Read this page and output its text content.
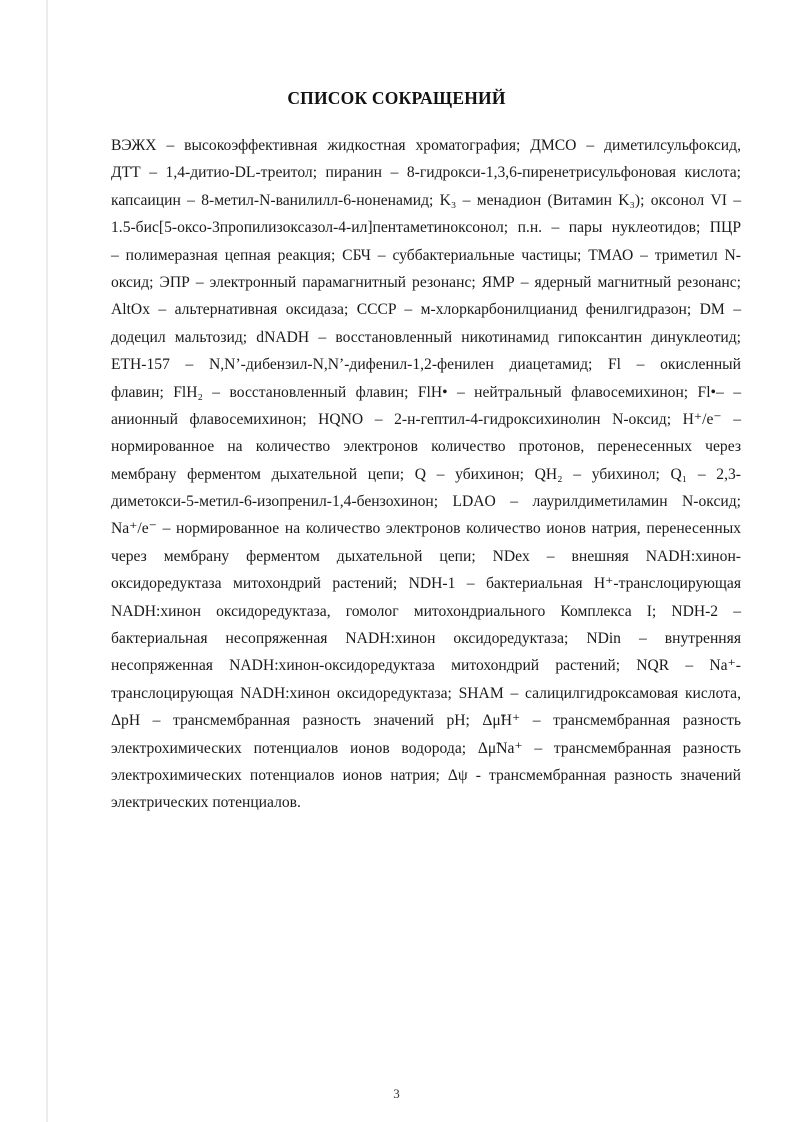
СПИСОК СОКРАЩЕНИЙ
ВЭЖХ – высокоэффективная жидкостная хроматография; ДМСО – диметилсульфоксид,
ДТТ – 1,4-дитио-DL-треитол; пиранин – 8-гидрокси-1,3,6-пиренетрисульфоновая кислота;
капсаицин – 8-метил-N-ванилилл-6-ноненамид; K₃ – менадион (Витамин K₃); оксонол VI –
1.5-бис[5-оксо-3пропилизоксазол-4-ил]пентаметиноксонол; п.н. – пары нуклеотидов; ПЦР
– полимеразная цепная реакция; СБЧ – суббактериальные частицы; ТМАО – триметил N-
оксид; ЭПР – электронный парамагнитный резонанс; ЯМР – ядерный магнитный резонанс;
AltOx – альтернативная оксидаза; CCCP – м-хлоркарбонилцианид фенилгидразон; DM –
додецил мальтозид; dNADH – восстановленный никотинамид гипоксантин динуклеотид;
ETH-157 – N,N’-дибензил-N,N’-дифенил-1,2-фенилен диацетамид; Fl – окисленный
флавин; FlH₂ – восстановленный флавин; FlH• – нейтральный флавосемихинон; Fl•– –
анионный флавосемихинон; HQNO – 2-н-гептил-4-гидроксихинолин N-оксид; H⁺/e⁻ –
нормированное на количество электронов количество протонов, перенесенных через
мембрану ферментом дыхательной цепи; Q – убихинон; QH₂ – убихинол; Q₁ – 2,3-
диметокси-5-метил-6-изопренил-1,4-бензохинон; LDAO – лаурилдиметиламин N-оксид;
Na⁺/e⁻ – нормированное на количество электронов количество ионов натрия, перенесенных
через мембрану ферментом дыхательной цепи; NDex – внешняя NADH:хинон-
оксидоредуктаза митохондрий растений; NDH-1 – бактериальная H⁺-транслоцирующая
NADH:хинон оксидоредуктаза, гомолог митохондриального Комплекса I; NDH-2 –
бактериальная несопряженная NADH:хинон оксидоредуктаза; NDin – внутренняя
несопряженная NADH:хинон-оксидоредуктаза митохондрий растений; NQR – Na⁺-
транслоцирующая NADH:хинон оксидоредуктаза; SHAM – салицилгидроксамовая кислота,
ΔpH – трансмембранная разность значений pH; Δμ̃H⁺ – трансмембранная разность
электрохимических потенциалов ионов водорода; Δμ̃Na⁺ – трансмембранная разность
электрохимических потенциалов ионов натрия; Δψ - трансмембранная разность значений
электрических потенциалов.
3
